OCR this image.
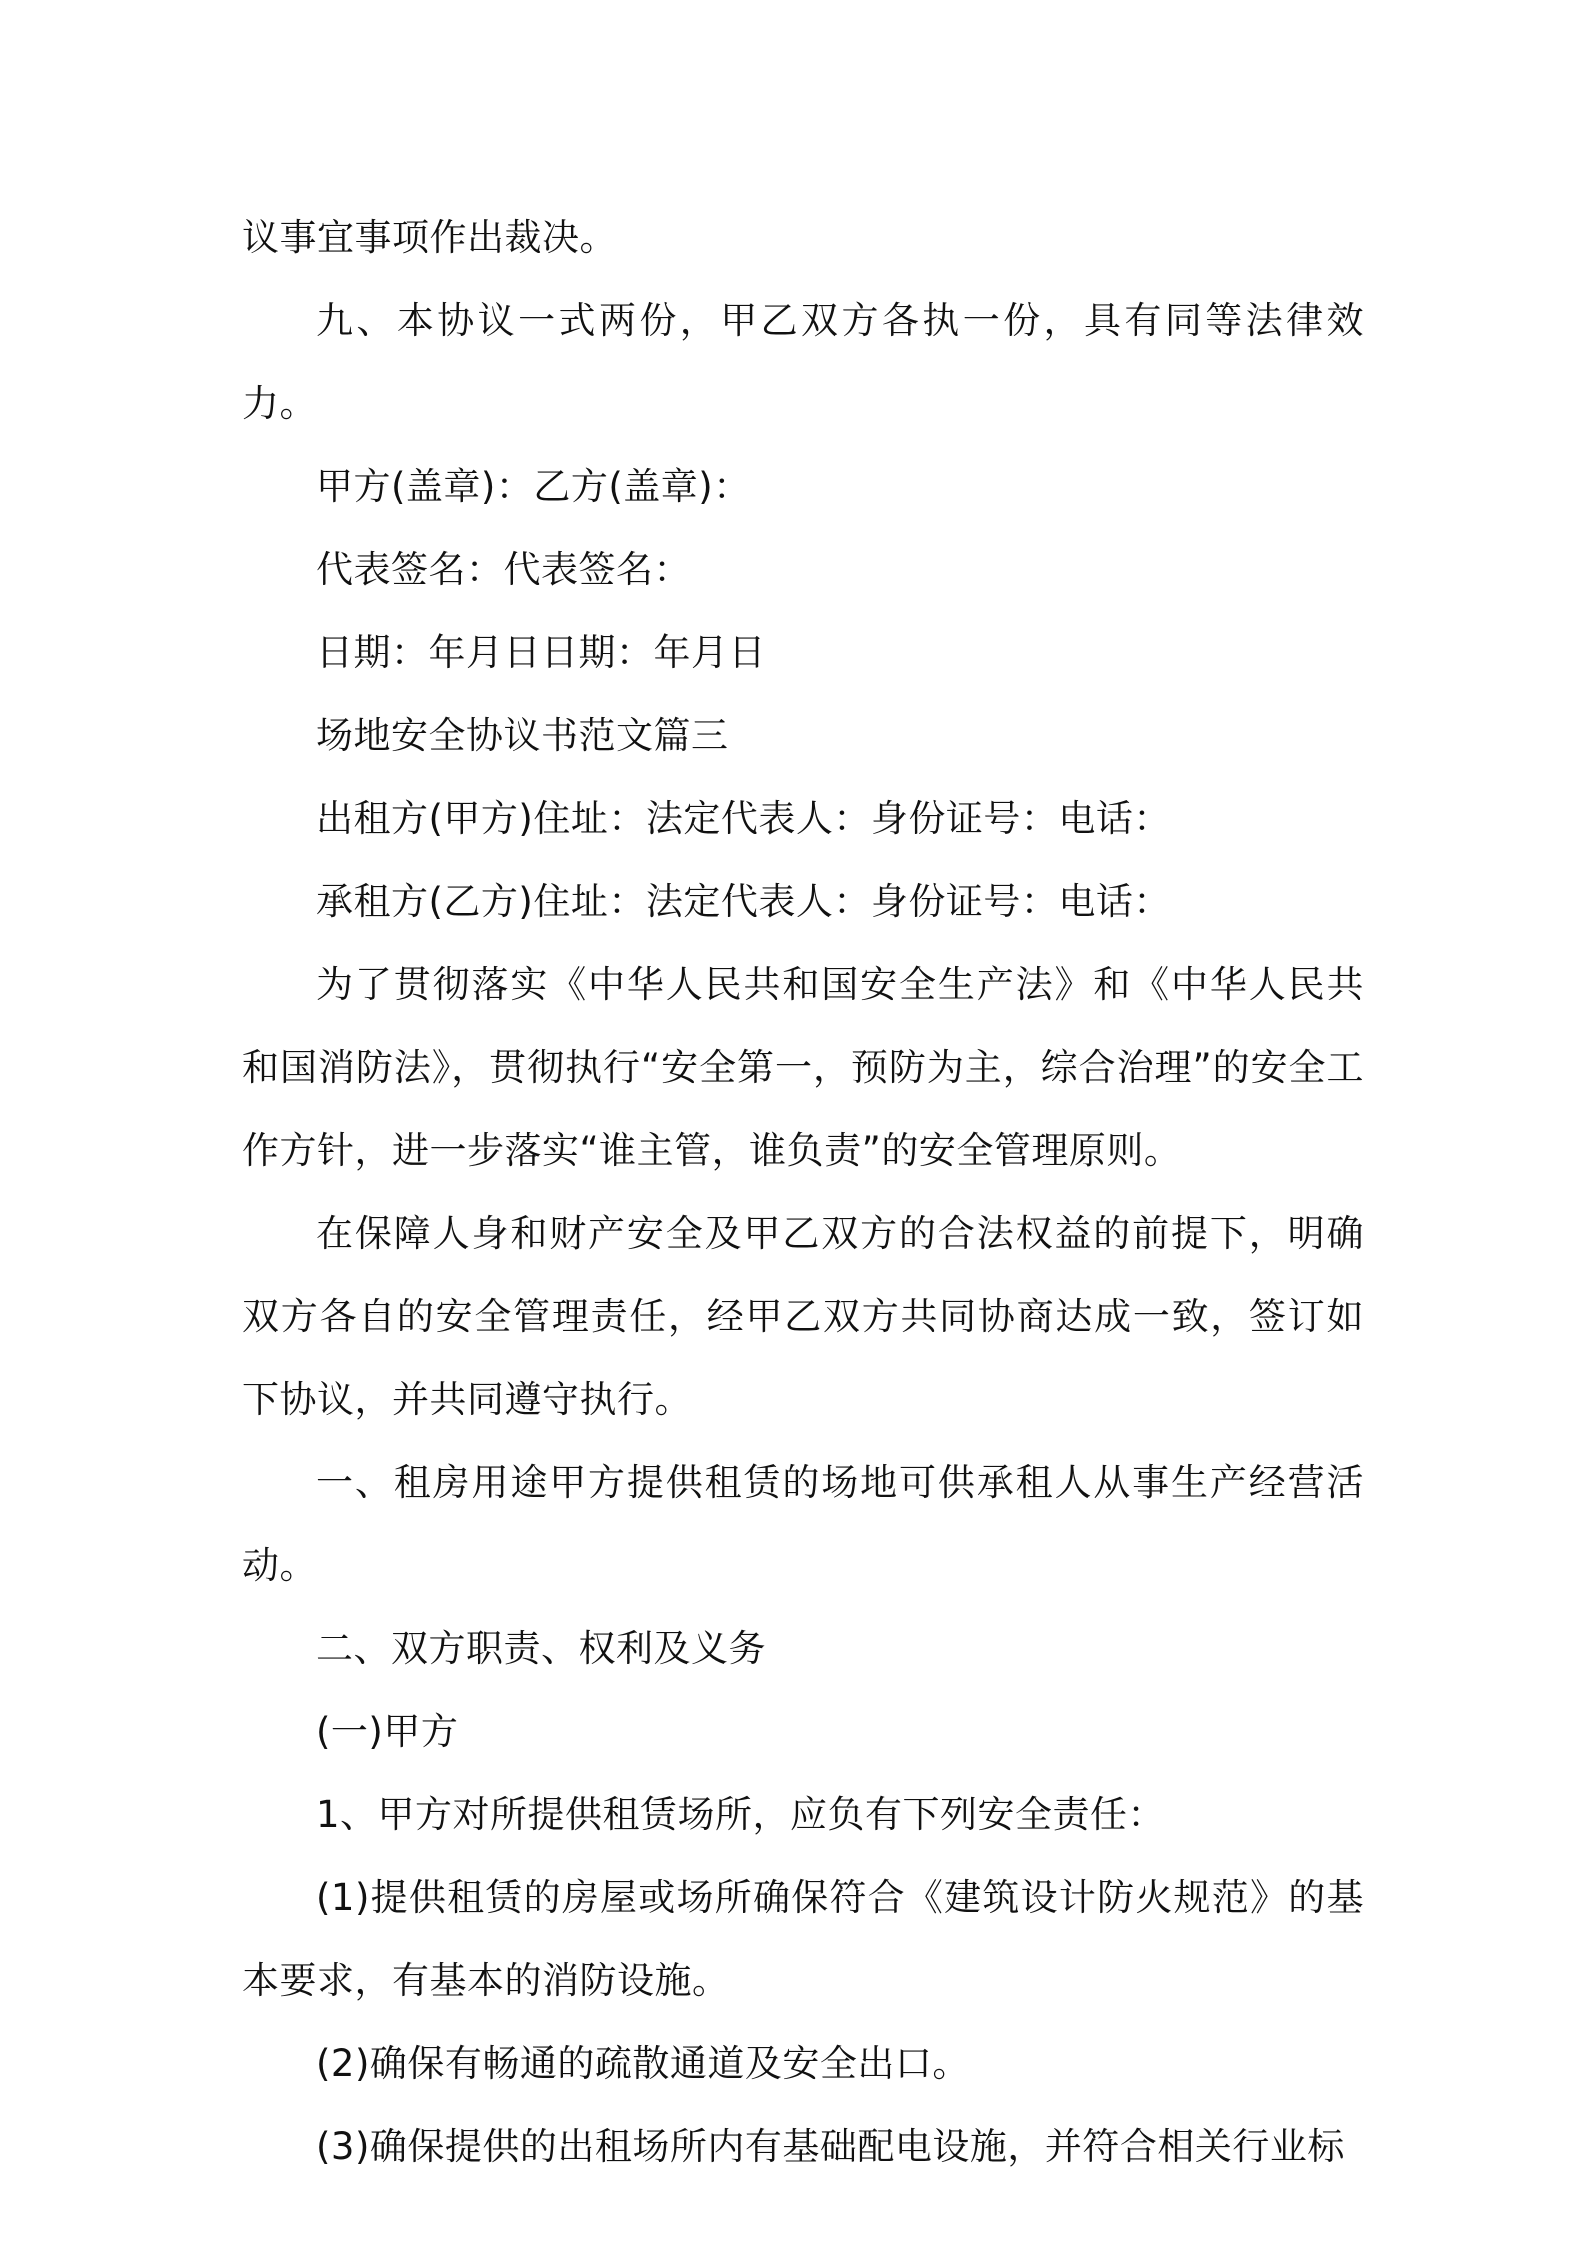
议事宜事项作出裁决。

九、本协议一式两份，甲乙双方各执一份，具有同等法律效力。

甲方(盖章)：乙方(盖章)：

代表签名：代表签名：

日期：年月日日期：年月日

场地安全协议书范文篇三

出租方(甲方)住址：法定代表人：身份证号：电话：

承租方(乙方)住址：法定代表人：身份证号：电话：

为了贯彻落实《中华人民共和国安全生产法》和《中华人民共和国消防法》，贯彻执行“安全第一，预防为主，综合治理”的安全工作方针，进一步落实“谁主管，谁负责”的安全管理原则。

在保障人身和财产安全及甲乙双方的合法权益的前提下，明确双方各自的安全管理责任，经甲乙双方共同协商达成一致，签订如下协议，并共同遵守执行。

一、租房用途甲方提供租赁的场地可供承租人从事生产经营活动。

二、双方职责、权利及义务

(一)甲方

1、甲方对所提供租赁场所，应负有下列安全责任：

(1)提供租赁的房屋或场所确保符合《建筑设计防火规范》的基本要求，有基本的消防设施。

(2)确保有畅通的疏散通道及安全出口。

(3)确保提供的出租场所内有基础配电设施，并符合相关行业标
